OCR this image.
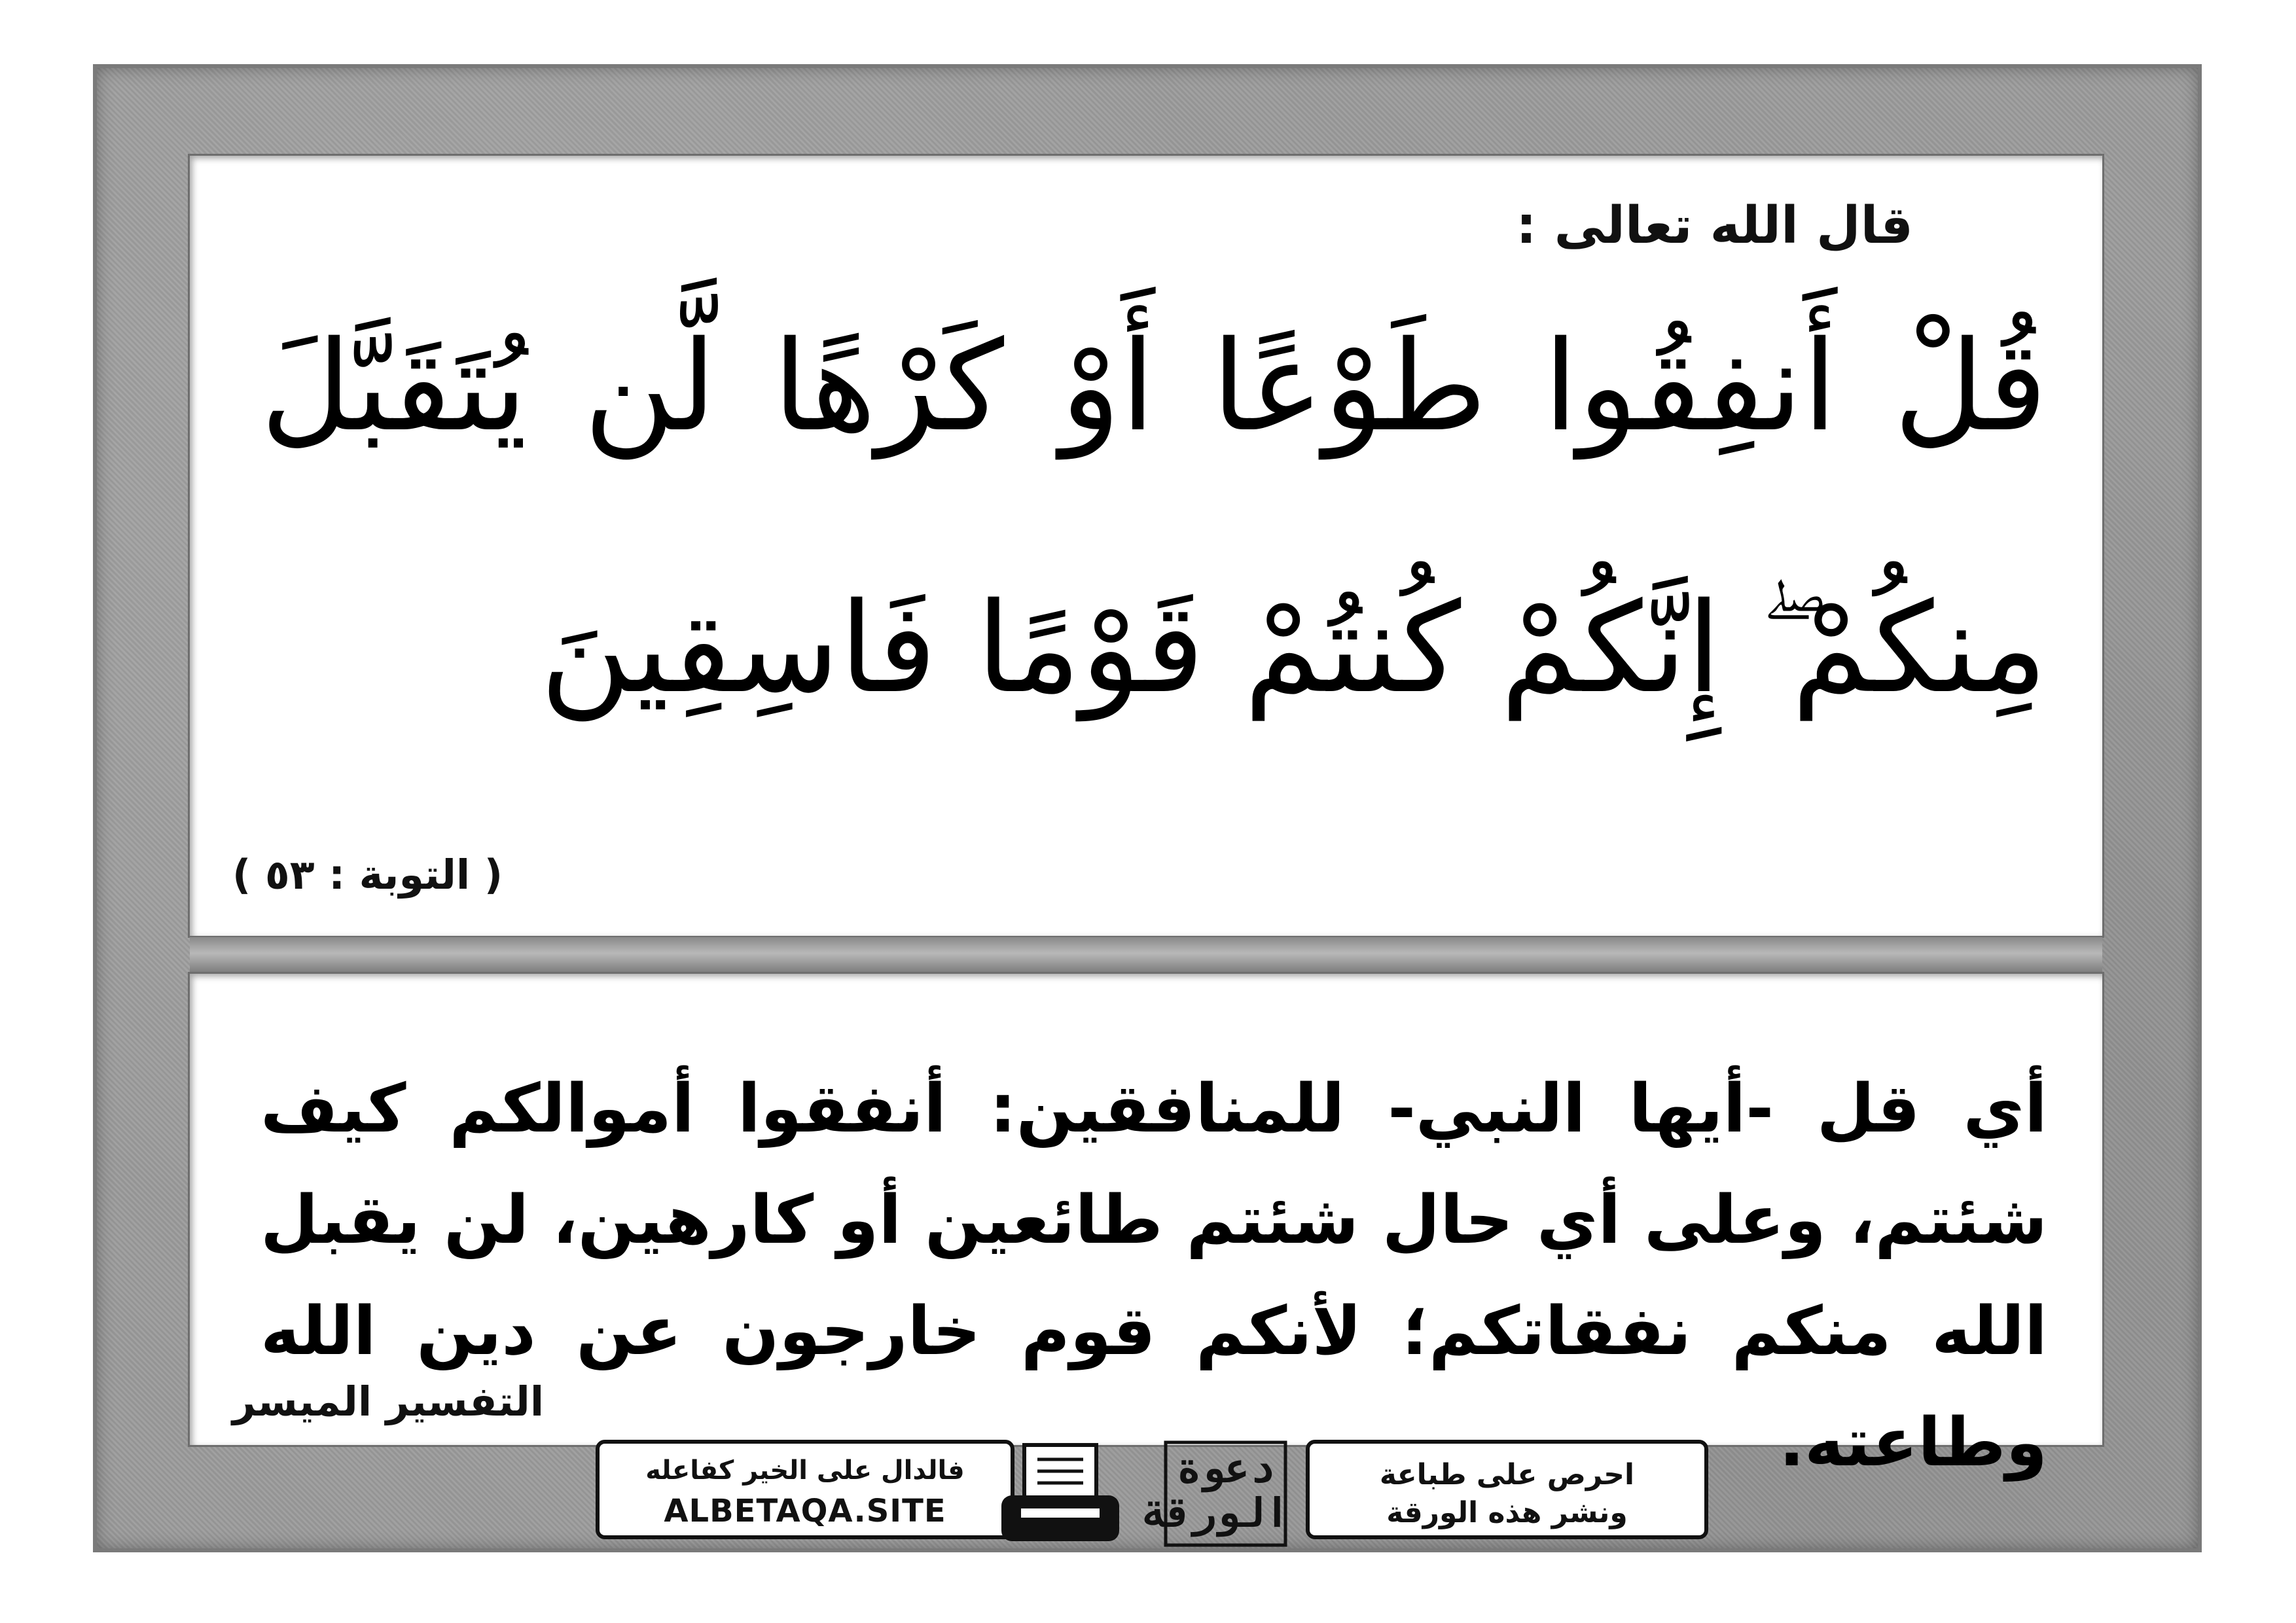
قال الله تعالى :
قُلْ أَنفِقُوا طَوْعًا أَوْ كَرْهًا لَّن يُتَقَبَّلَ
مِنكُمْ ۖ إِنَّكُمْ كُنتُمْ قَوْمًا فَاسِقِينَ
( التوبة : ٥٣ )
أي قل -أيها النبي- للمنافقين: أنفقوا أموالكم كيف شئتم، وعلى أي حال شئتم طائعين أو كارهين، لن يقبل الله منكم نفقاتكم؛ لأنكم قوم خارجون عن دين الله وطاعته.
التفسير الميسر
فالدال على الخير كفاعله
ALBETAQA.SITE
دعوة الورقة
احرص على طباعة
ونشر هذه الورقة
